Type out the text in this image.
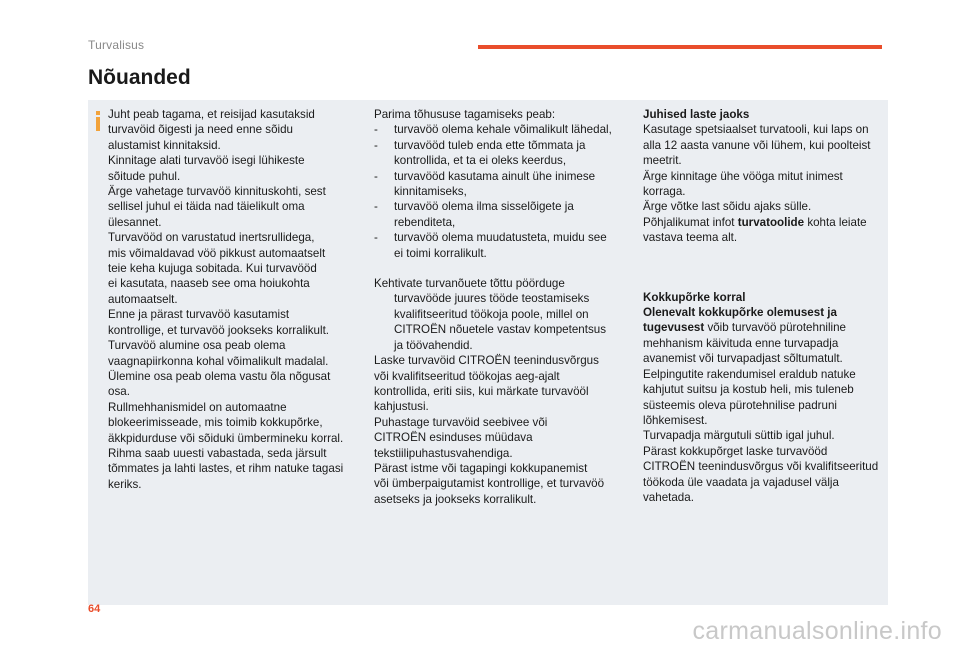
Turvalisus
Nõuanded

Juht peab tagama, et reisijad kasutaksid
turvavöid õigesti ja need enne sõidu
alustamist kinnitaksid.
Kinnitage alati turvavöö isegi lühikeste
sõitude puhul.
Ärge vahetage turvavöö kinnituskohti, sest
sellisel juhul ei täida nad täielikult oma
ülesannet.
Turvavööd on varustatud inertsrullidega,
mis võimaldavad vöö pikkust automaatselt
teie keha kujuga sobitada. Kui turvavööd
ei kasutata, naaseb see oma hoiukohta
automaatselt.
Enne ja pärast turvavöö kasutamist
kontrollige, et turvavöö jookseks korralikult.
Turvavöö alumine osa peab olema
vaagnapiirkonna kohal võimalikult madalal.
Ülemine osa peab olema vastu õla nõgusat
osa.
Rullmehhanismidel on automaatne
blokeerimisseade, mis toimib kokkupõrke,
äkkpidurduse või sõiduki ümbermineku korral.
Rihma saab uuesti vabastada, seda järsult
tõmmates ja lahti lastes, et rihm natuke tagasi
keriks.

Parima tõhususe tagamiseks peab:

-	turvavöö olema kehale võimalikult lähedal,

-	turvavööd tuleb enda ette tõmmata ja
kontrollida, et ta ei oleks keerdus,

-	turvavööd kasutama ainult ühe inimese
kinnitamiseks,

-	turvavöö olema ilma sisselõigete ja
rebenditeta,

-	turvavöö olema muudatusteta, muidu see
ei toimi korralikult.

Kehtivate turvanõuete tõttu pöörduge

turvavööde juures tööde teostamiseks
kvalifitseeritud töökoja poole, millel on
CITROËN nõuetele vastav kompetentsus
ja töövahendid.

Laske turvavöid CITROËN teenindusvõrgus
või kvalifitseeritud töökojas aeg-ajalt
kontrollida, eriti siis, kui märkate turvavööl
kahjustusi.
Puhastage turvavöid seebivee või
CITROËN esinduses müüdava
tekstiilipuhastusvahendiga.
Pärast istme või tagapingi kokkupanemist
või ümberpaigutamist kontrollige, et turvavöö
asetseks ja jookseks korralikult.

Juhised laste jaoks

Kasutage spetsiaalset turvatooli, kui laps on
alla 12 aasta vanune või lühem, kui poolteist
meetrit.
Ärge kinnitage ühe vööga mitut inimest
korraga.
Ärge võtke last sõidu ajaks sülle.

Põhjalikumat infot turvatoolide kohta leiate
vastava teema alt.

Kokkupõrke korral

Olenevalt kokkupõrke olemusest ja
tugevusest võib turvavöö pürotehniline
mehhanism käivituda enne turvapadja
avanemist või turvapadjast sõltumatult.
Eelpingutite rakendumisel eraldub natuke
kahjutut suitsu ja kostub heli, mis tuleneb
süsteemis oleva pürotehnilise padruni
lõhkemisest.
Turvapadja märgutuli süttib igal juhul.
Pärast kokkupõrget laske turvavööd
CITROËN teenindusvõrgus või kvalifitseeritud
töökoda üle vaadata ja vajadusel välja
vahetada.

64
carmanualsonline.info
